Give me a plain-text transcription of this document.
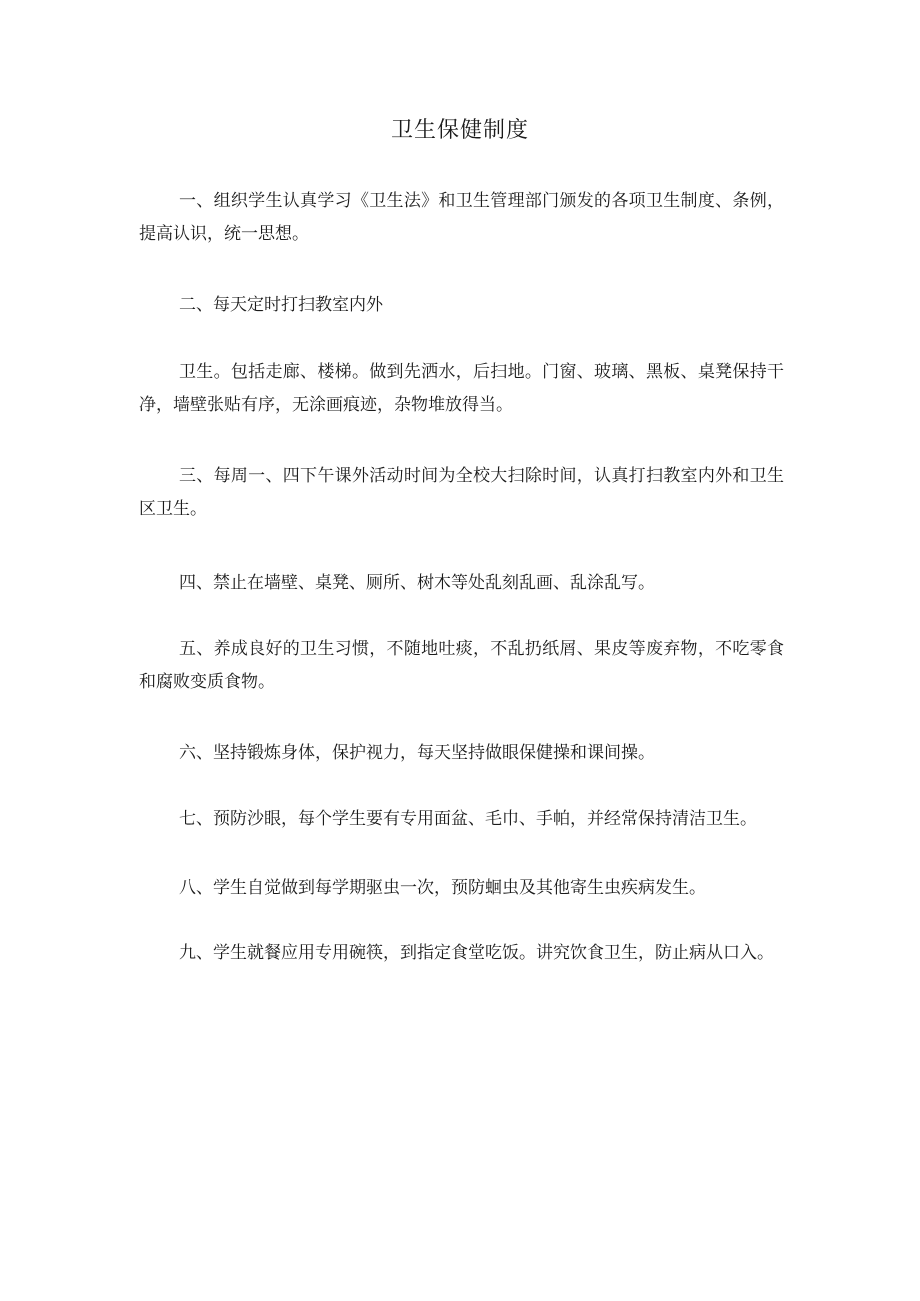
卫生保健制度

一、组织学生认真学习《卫生法》和卫生管理部门颁发的各项卫生制度、条例，提高认识，统一思想。

二、每天定时打扫教室内外

卫生。包括走廊、楼梯。做到先洒水，后扫地。门窗、玻璃、黑板、桌凳保持干净，墙壁张贴有序，无涂画痕迹，杂物堆放得当。

三、每周一、四下午课外活动时间为全校大扫除时间，认真打扫教室内外和卫生区卫生。

四、禁止在墙壁、桌凳、厕所、树木等处乱刻乱画、乱涂乱写。

五、养成良好的卫生习惯，不随地吐痰，不乱扔纸屑、果皮等废弃物，不吃零食和腐败变质食物。

六、坚持锻炼身体，保护视力，每天坚持做眼保健操和课间操。

七、预防沙眼，每个学生要有专用面盆、毛巾、手帕，并经常保持清洁卫生。

八、学生自觉做到每学期驱虫一次，预防蛔虫及其他寄生虫疾病发生。

九、学生就餐应用专用碗筷，到指定食堂吃饭。讲究饮食卫生，防止病从口入。
